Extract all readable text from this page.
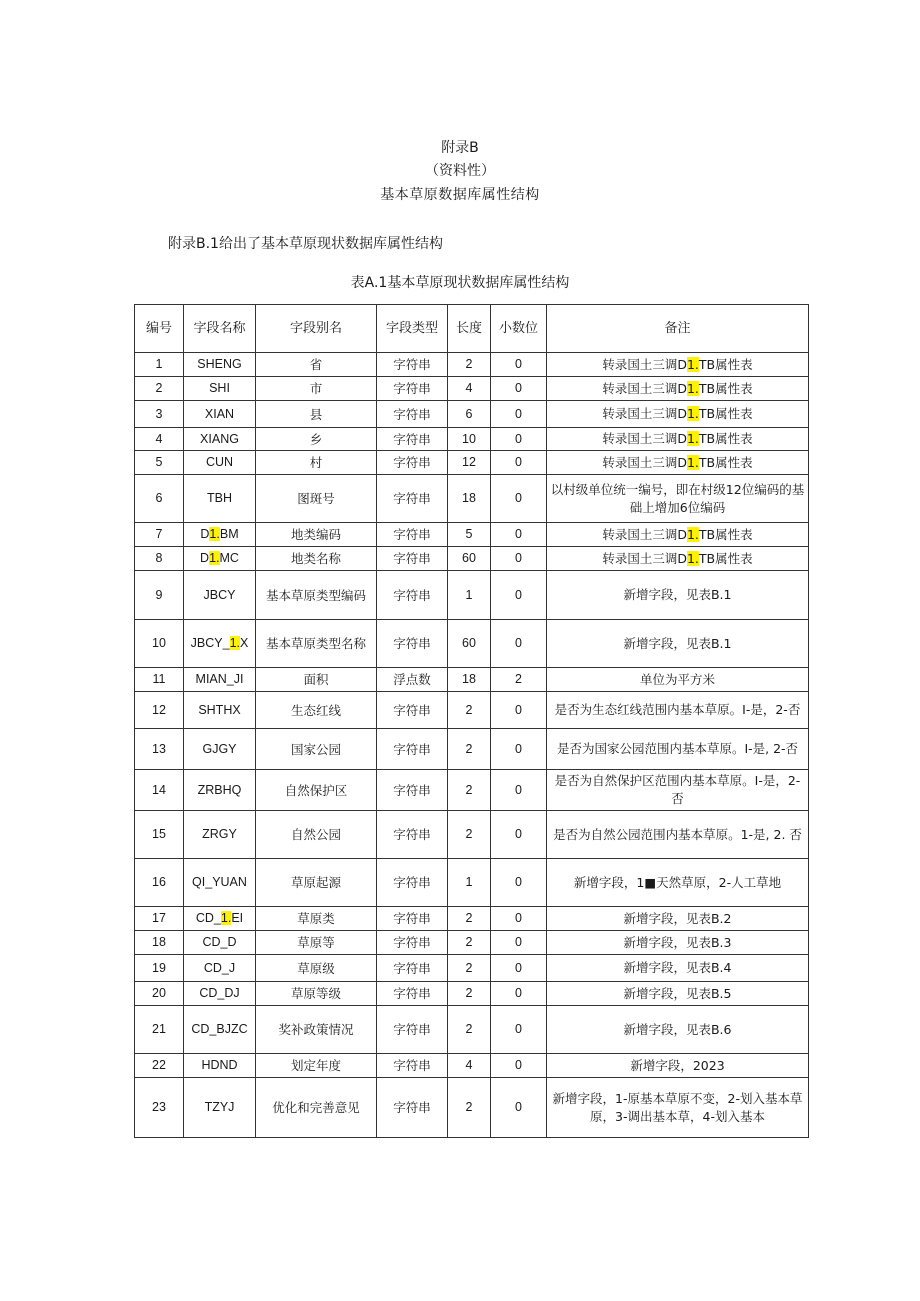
附录B
（资料性）
基本草原数据库属性结构
附录B.1给出了基本草原现状数据库属性结构
表A.1基本草原现状数据库属性结构
编号	字段名称	字段别名	字段类型	长度	小数位	备注
1	SHENG	省	字符串	2	0	转录国土三调D1.TB属性表
2	SHI	市	字符串	4	0	转录国土三调D1.TB属性表
3	XIAN	县	字符串	6	0	转录国土三调D1.TB属性表
4	XIANG	乡	字符串	10	0	转录国土三调D1.TB属性表
5	CUN	村	字符串	12	0	转录国土三调D1.TB属性表
6	TBH	图斑号	字符串	18	0	以村级单位统一编号，即在村级12位编码的基础上增加6位编码
7	D1.BM	地类编码	字符串	5	0	转录国土三调D1.TB属性表
8	D1.MC	地类名称	字符串	60	0	转录国土三调D1.TB属性表
9	JBCY	基本草原类型编码	字符串	1	0	新增字段，见表B.1
10	JBCY_1.X	基本草原类型名称	字符串	60	0	新增字段，见表B.1
11	MIAN_JI	面积	浮点数	18	2	单位为平方米
12	SHTHX	生态红线	字符串	2	0	是否为生态红线范围内基本草原。I-是，2-否
13	GJGY	国家公园	字符串	2	0	是否为国家公园范围内基本草原。I-是, 2-否
14	ZRBHQ	自然保护区	字符串	2	0	是否为自然保护区范围内基本草原。I-是，2-否
15	ZRGY	自然公园	字符串	2	0	是否为自然公园范围内基本草原。1-是, 2. 否
16	QI_YUAN	草原起源	字符串	1	0	新增字段，1■天然草原，2-人工草地
17	CD_1.EI	草原类	字符串	2	0	新增字段，见表B.2
18	CD_D	草原等	字符串	2	0	新增字段，见表B.3
19	CD_J	草原级	字符串	2	0	新增字段，见表B.4
20	CD_DJ	草原等级	字符串	2	0	新增字段，见表B.5
21	CD_BJZC	奖补政策情况	字符串	2	0	新增字段，见表B.6
22	HDND	划定年度	字符串	4	0	新增字段，2023
23	TZYJ	优化和完善意见	字符串	2	0	新增字段，1-原基本草原不变，2-划入基本草原，3-调出基本草，4-划入基本
